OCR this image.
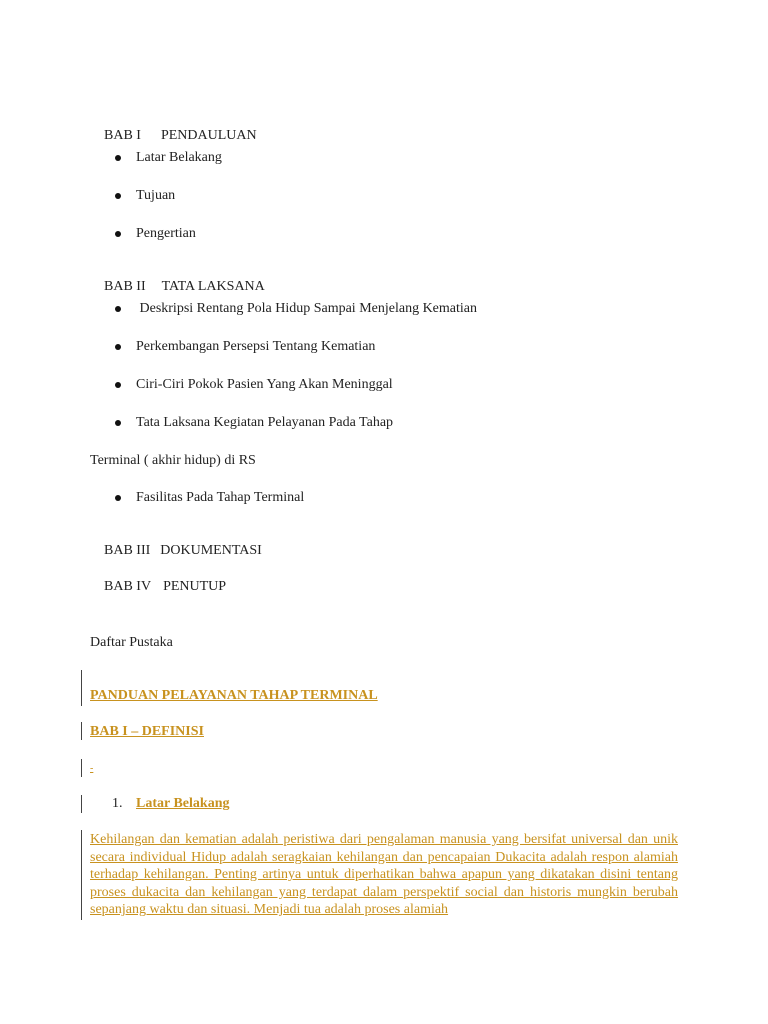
BAB I PENDAULUAN

Latar Belakang
Tujuan
Pengertian

BAB II TATA LAKSANA

Deskripsi Rentang Pola Hidup Sampai Menjelang Kematian
Perkembangan Persepsi Tentang Kematian
Ciri-Ciri Pokok Pasien Yang Akan Meninggal
Tata Laksana Kegiatan Pelayanan Pada Tahap
Terminal ( akhir hidup) di RS
Fasilitas Pada Tahap Terminal

BAB III DOKUMENTASI

BAB IV PENUTUP

Daftar Pustaka
PANDUAN PELAYANAN TAHAP TERMINAL
BAB I – DEFINISI
-
1. Latar Belakang
Kehilangan dan kematian adalah peristiwa dari pengalaman manusia yang bersifat universal dan unik secara individual Hidup adalah seragkaian kehilangan dan pencapaian Dukacita adalah respon alamiah terhadap kehilangan. Penting artinya untuk diperhatikan bahwa apapun yang dikatakan disini tentang proses dukacita dan kehilangan yang terdapat dalam perspektif social dan historis mungkin berubah sepanjang waktu dan situasi. Menjadi tua adalah proses alamiah
